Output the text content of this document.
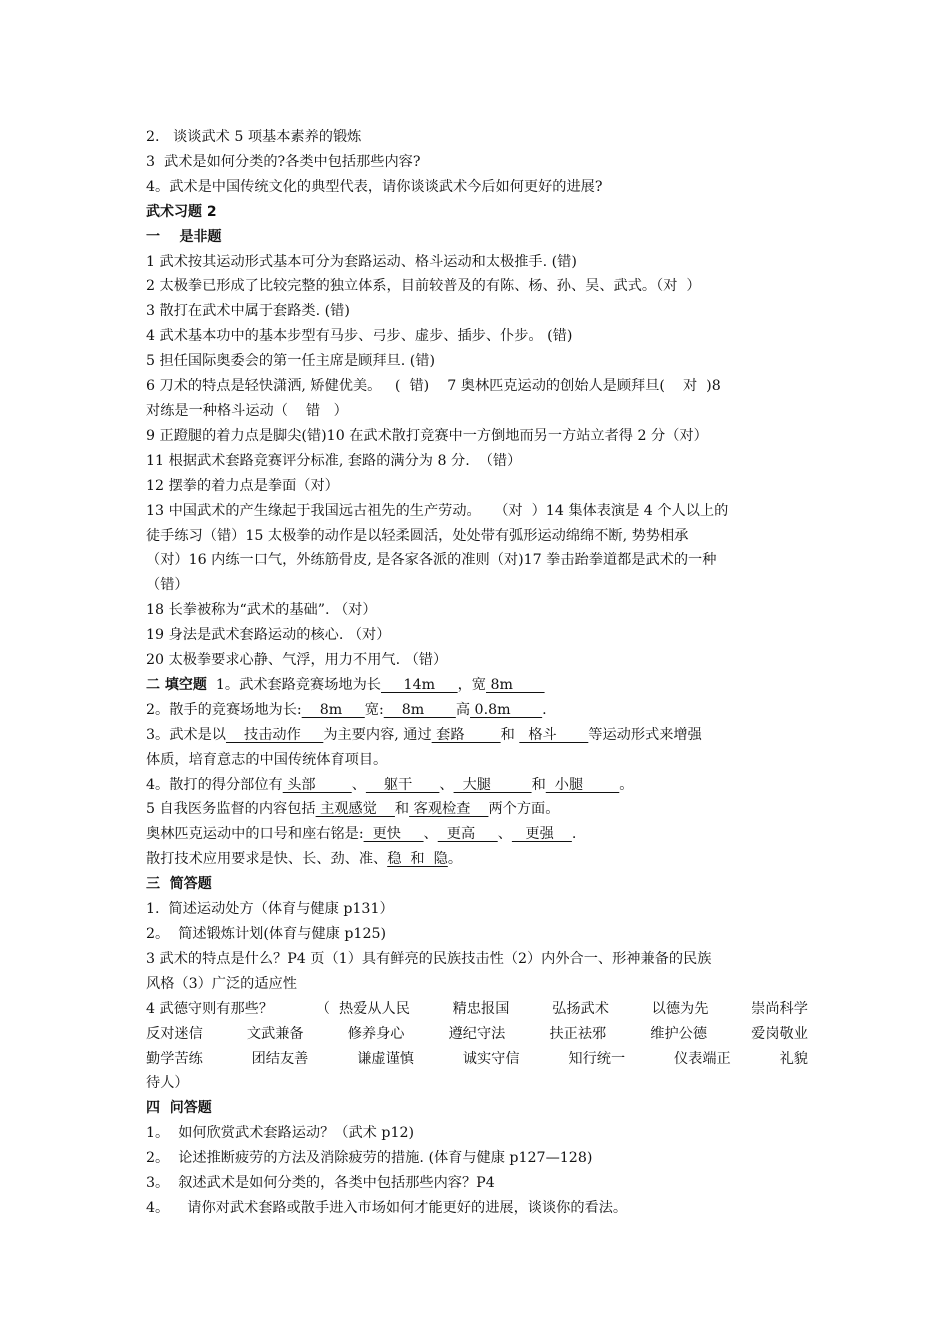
2.   谈谈武术 5 项基本素养的锻炼
3  武术是如何分类的?各类中包括那些内容?
4。武术是中国传统文化的典型代表，请你谈谈武术今后如何更好的进展?
武术习题 2
一    是非题
1 武术按其运动形式基本可分为套路运动、格斗运动和太极推手. (错)
2 太极拳已形成了比较完整的独立体系，目前较普及的有陈、杨、孙、吴、武式。（对  ）
3 散打在武术中属于套路类. (错)
4 武术基本功中的基本步型有马步、弓步、虚步、插步、仆步。 (错)
5 担任国际奥委会的第一任主席是顾拜旦. (错)
6 刀术的特点是轻快潇洒, 矫健优美。   (  错)    7 奥林匹克运动的创始人是顾拜旦(    对  )8
对练是一种格斗运动（    错   ）
9 正蹬腿的着力点是脚尖(错)10 在武术散打竞赛中一方倒地而另一方站立者得 2 分（对）
11 根据武术套路竞赛评分标准, 套路的满分为 8 分.  （错）
12 摆拳的着力点是拳面（对）
13 中国武术的产生缘起于我国远古祖先的生产劳动。   （对  ）14 集体表演是 4 个人以上的
徒手练习（错）15 太极拳的动作是以轻柔圆活，处处带有弧形运动绵绵不断, 势势相承
（对）16 内练一口气，外练筋骨皮, 是各家各派的准则（对)17 拳击跆拳道都是武术的一种
（错）
18 长拳被称为“武术的基础”. （对）
19 身法是武术套路运动的核心. （对）
20 太极拳要求心静、气浮，用力不用气. （错）
二 填空题 1。武术套路竞赛场地为长     14m     ，宽 8m
2。散手的竞赛场地为长:    8m     宽:    8m       高 0.8m       .
3。武术是以    技击动作     为主要内容, 通过 套路        和   格斗       等运动形式来增强
体质，培育意志的中国传统体育项目。
4。散打的得分部位有 头部        、    躯干      、  大腿         和  小腿        。
5 自我医务监督的内容包括 主观感觉    和 客观检查    两个方面。
奥林匹克运动中的口号和座右铭是:  更快     、  更高     、   更强    .
散打技术应用要求是快、长、劲、准、稳  和  隐。
三  简答题
1.  简述运动处方（体育与健康 p131）
2。  简述锻炼计划(体育与健康 p125)
3 武术的特点是什么？P4 页（1）具有鲜亮的民族技击性（2）内外合一、形神兼备的民族
风格（3）广泛的适应性
4 武德守则有那些？	（  热爱从人民	精忠报国	弘扬武术	以德为先	崇尚科学
反对迷信	文武兼备	修养身心	遵纪守法	扶正祛邪	维护公德	爱岗敬业
勤学苦练	团结友善	谦虚谨慎	诚实守信	知行统一	仪表端正	礼貌
待人）
四  问答题
1。  如何欣赏武术套路运动？（武术 p12)
2。  论述推断疲劳的方法及消除疲劳的措施. (体育与健康 p127—128)
3。  叙述武术是如何分类的，各类中包括那些内容？P4
4。    请你对武术套路或散手进入市场如何才能更好的进展，谈谈你的看法。
